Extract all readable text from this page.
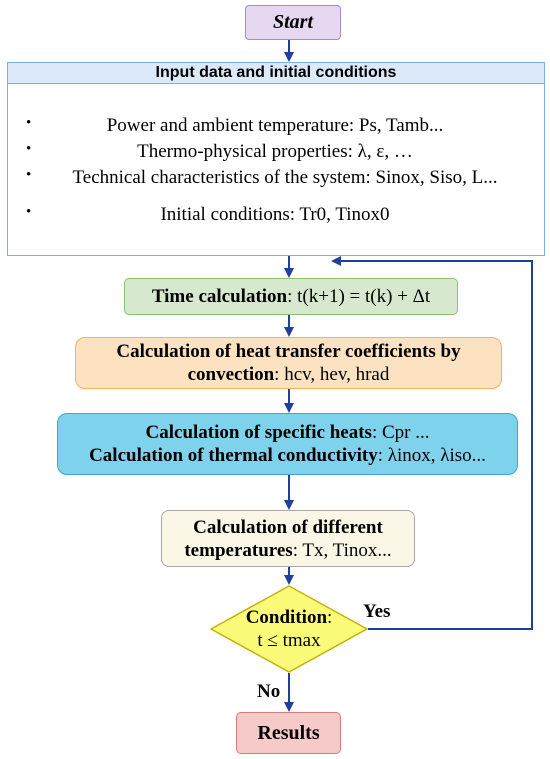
Start
Input data and initial conditions
•	Power and ambient temperature: Ps, Tamb...
•	Thermo-physical properties: λ, ε, …
• Technical characteristics of the system: Sinox, Siso, L...
•	Initial conditions: Tr0, Tinox0
Time calculation: t(k+1) = t(k) + Δt
Calculation of heat transfer coefficients by
convection: hcv, hev, hrad
Calculation of specific heats: Cpr ...
Calculation of thermal conductivity: λinox, λiso...
Calculation of different
temperatures: Tx, Tinox...
Condition:
t ≤ tmax
Yes
No
Results
